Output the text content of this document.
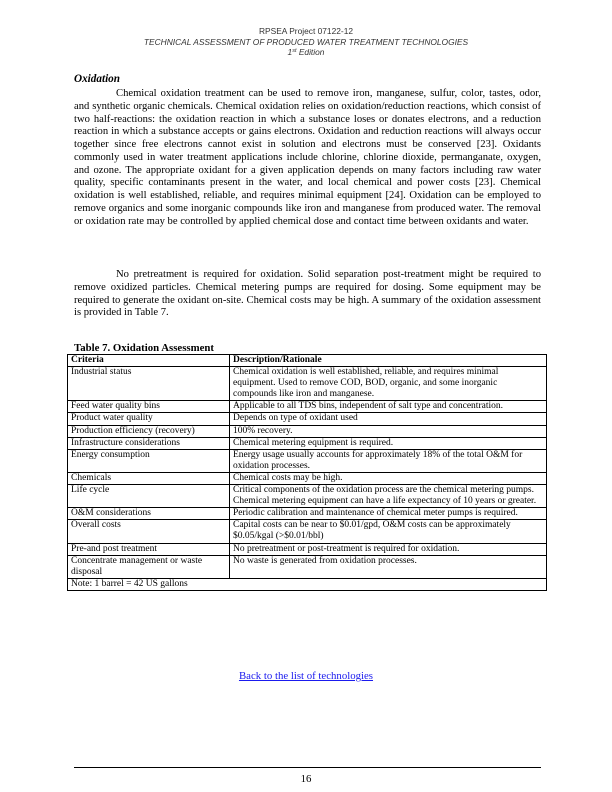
RPSEA Project 07122-12
TECHNICAL ASSESSMENT OF PRODUCED WATER TREATMENT TECHNOLOGIES
1st Edition
Oxidation
Chemical oxidation treatment can be used to remove iron, manganese, sulfur, color, tastes, odor, and synthetic organic chemicals. Chemical oxidation relies on oxidation/reduction reactions, which consist of two half-reactions: the oxidation reaction in which a substance loses or donates electrons, and a reduction reaction in which a substance accepts or gains electrons. Oxidation and reduction reactions will always occur together since free electrons cannot exist in solution and electrons must be conserved [23]. Oxidants commonly used in water treatment applications include chlorine, chlorine dioxide, permanganate, oxygen, and ozone. The appropriate oxidant for a given application depends on many factors including raw water quality, specific contaminants present in the water, and local chemical and power costs [23]. Chemical oxidation is well established, reliable, and requires minimal equipment [24]. Oxidation can be employed to remove organics and some inorganic compounds like iron and manganese from produced water. The removal or oxidation rate may be controlled by applied chemical dose and contact time between oxidants and water.
No pretreatment is required for oxidation. Solid separation post-treatment might be required to remove oxidized particles. Chemical metering pumps are required for dosing. Some equipment may be required to generate the oxidant on-site. Chemical costs may be high. A summary of the oxidation assessment is provided in Table 7.
Table 7. Oxidation Assessment
Criteria	Description/Rationale
Industrial status	Chemical oxidation is well established, reliable, and requires minimal equipment. Used to remove COD, BOD, organic, and some inorganic compounds like iron and manganese.
Feed water quality bins	Applicable to all TDS bins, independent of salt type and concentration.
Product water quality	Depends on type of oxidant used
Production efficiency (recovery)	100% recovery.
Infrastructure considerations	Chemical metering equipment is required.
Energy consumption	Energy usage usually accounts for approximately 18% of the total O&M for oxidation processes.
Chemicals	Chemical costs may be high.
Life cycle	Critical components of the oxidation process are the chemical metering pumps. Chemical metering equipment can have a life expectancy of 10 years or greater.
O&M considerations	Periodic calibration and maintenance of chemical meter pumps is required.
Overall costs	Capital costs can be near to $0.01/gpd, O&M costs can be approximately $0.05/kgal (>$0.01/bbl)
Pre-and post treatment	No pretreatment or post-treatment is required for oxidation.
Concentrate management or waste disposal	No waste is generated from oxidation processes.
Note: 1 barrel = 42 US gallons	
Back to the list of technologies
16
